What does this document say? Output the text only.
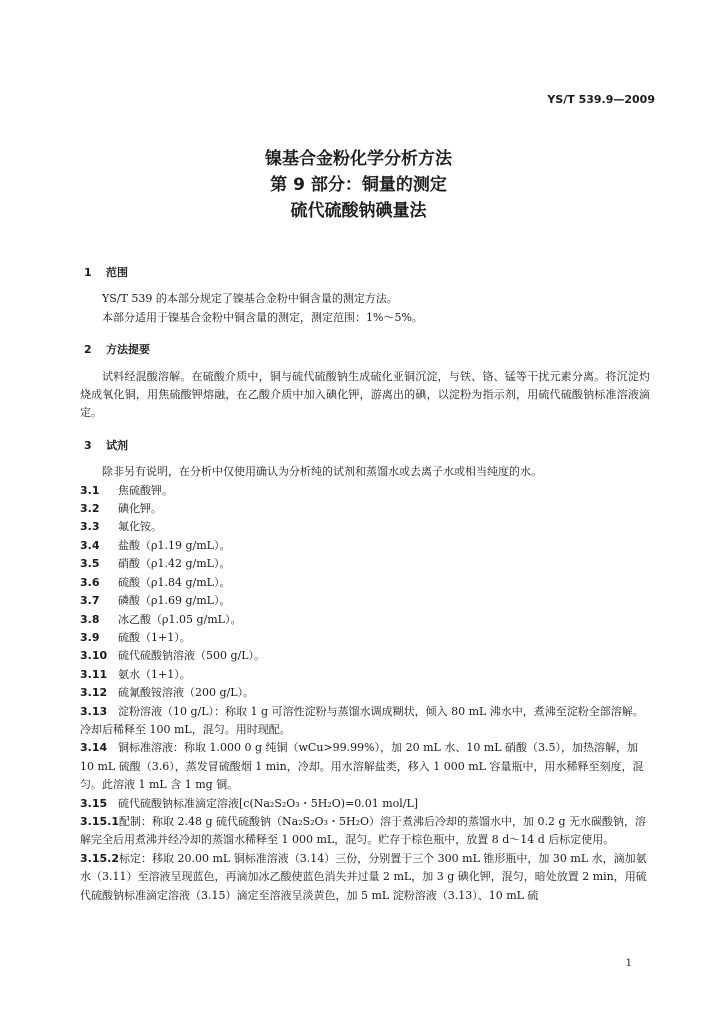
YS/T 539.9—2009
镍基合金粉化学分析方法
第 9 部分：铜量的测定
硫代硫酸钠碘量法
1 范围

YS/T 539 的本部分规定了镍基合金粉中铜含量的测定方法。

本部分适用于镍基合金粉中铜含量的测定，测定范围：1%～5%。

2 方法提要

试料经混酸溶解。在硫酸介质中，铜与硫代硫酸钠生成硫化亚铜沉淀，与铁、铬、锰等干扰元素分离。将沉淀灼烧成氧化铜，用焦硫酸钾熔融，在乙酸介质中加入碘化钾，游离出的碘，以淀粉为指示剂，用硫代硫酸钠标准溶液滴定。

3 试剂

除非另有说明，在分析中仅使用确认为分析纯的试剂和蒸馏水或去离子水或相当纯度的水。

3.1 焦硫酸钾。
3.2 碘化钾。
3.3 氟化铵。
3.4 盐酸（ρ1.19 g/mL）。
3.5 硝酸（ρ1.42 g/mL）。
3.6 硫酸（ρ1.84 g/mL）。
3.7 磷酸（ρ1.69 g/mL）。
3.8 冰乙酸（ρ1.05 g/mL）。
3.9 硫酸（1+1）。
3.10 硫代硫酸钠溶液（500 g/L）。
3.11 氨水（1+1）。
3.12 硫氰酸铵溶液（200 g/L）。
3.13 淀粉溶液（10 g/L）：称取 1 g 可溶性淀粉与蒸馏水调成糊状，倾入 80 mL 沸水中，煮沸至淀粉全部溶解。冷却后稀释至 100 mL，混匀。用时现配。
3.14 铜标准溶液：称取 1.000 0 g 纯铜（wCu>99.99%），加 20 mL 水、10 mL 硝酸（3.5），加热溶解，加 10 mL 硫酸（3.6），蒸发冒硫酸烟 1 min，冷却。用水溶解盐类，移入 1 000 mL 容量瓶中，用水稀释至刻度，混匀。此溶液 1 mL 含 1 mg 铜。
3.15 硫代硫酸钠标准滴定溶液[c(Na₂S₂O₃・5H₂O)=0.01 mol/L]
3.15.1配制：称取 2.48 g 硫代硫酸钠（Na₂S₂O₃・5H₂O）溶于煮沸后冷却的蒸馏水中，加 0.2 g 无水碳酸钠，溶解完全后用煮沸并经冷却的蒸馏水稀释至 1 000 mL，混匀。贮存于棕色瓶中，放置 8 d～14 d 后标定使用。
3.15.2标定：移取 20.00 mL 铜标准溶液（3.14）三份，分别置于三个 300 mL 锥形瓶中，加 30 mL 水，滴加氨水（3.11）至溶液呈现蓝色，再滴加冰乙酸使蓝色消失并过量 2 mL，加 3 g 碘化钾，混匀，暗处放置 2 min，用硫代硫酸钠标准滴定溶液（3.15）滴定至溶液呈淡黄色，加 5 mL 淀粉溶液（3.13）、10 mL 硫
1
